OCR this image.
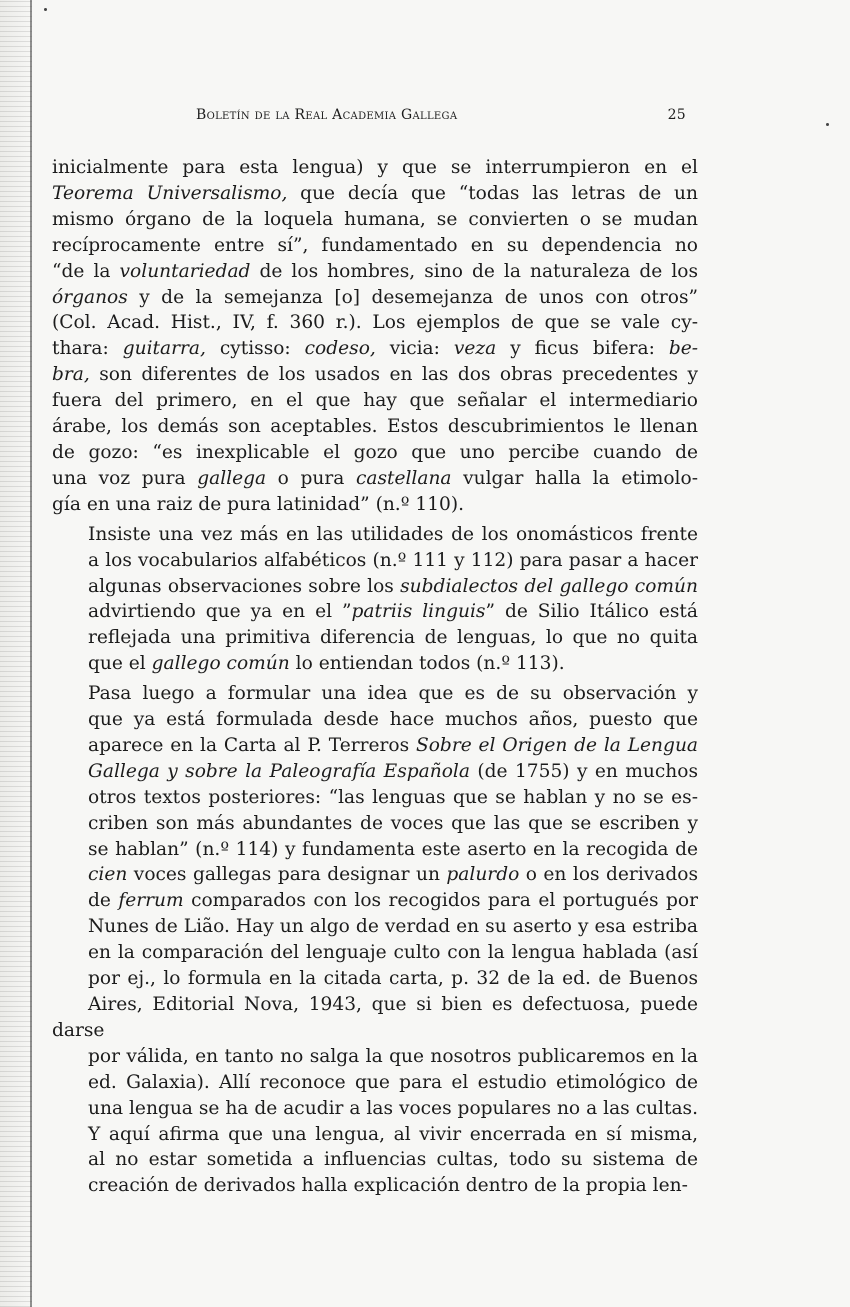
Boletín de la Real Academia Gallega	25

inicialmente para esta lengua) y que se interrumpieron en el
Teorema Universalismo, que decía que “todas las letras de un
mismo órgano de la loquela humana, se convierten o se mudan
recíprocamente entre sí”, fundamentado en su dependencia no
“de la voluntariedad de los hombres, sino de la naturaleza de los
órganos y de la semejanza [o] desemejanza de unos con otros”
(Col. Acad. Hist., IV, f. 360 r.). Los ejemplos de que se vale cy-
thara: guitarra, cytisso: codeso, vicia: veza y ficus bifera: be-
bra, son diferentes de los usados en las dos obras precedentes y
fuera del primero, en el que hay que señalar el intermediario
árabe, los demás son aceptables. Estos descubrimientos le llenan
de gozo: “es inexplicable el gozo que uno percibe cuando de
una voz pura gallega o pura castellana vulgar halla la etimolo-
gía en una raiz de pura latinidad” (n.º 110).

Insiste una vez más en las utilidades de los onomásticos frente
a los vocabularios alfabéticos (n.º 111 y 112) para pasar a hacer
algunas observaciones sobre los subdialectos del gallego común
advirtiendo que ya en el ”patriis linguis” de Silio Itálico está
reflejada una primitiva diferencia de lenguas, lo que no quita
que el gallego común lo entiendan todos (n.º 113).

Pasa luego a formular una idea que es de su observación y
que ya está formulada desde hace muchos años, puesto que
aparece en la Carta al P. Terreros Sobre el Origen de la Lengua
Gallega y sobre la Paleografía Española (de 1755) y en muchos
otros textos posteriores: “las lenguas que se hablan y no se es-
criben son más abundantes de voces que las que se escriben y
se hablan” (n.º 114) y fundamenta este aserto en la recogida de
cien voces gallegas para designar un palurdo o en los derivados
de ferrum comparados con los recogidos para el portugués por
Nunes de Lião. Hay un algo de verdad en su aserto y esa estriba
en la comparación del lenguaje culto con la lengua hablada (así
por ej., lo formula en la citada carta, p. 32 de la ed. de Buenos
Aires, Editorial Nova, 1943, que si bien es defectuosa, puede darse
por válida, en tanto no salga la que nosotros publicaremos en la
ed. Galaxia). Allí reconoce que para el estudio etimológico de
una lengua se ha de acudir a las voces populares no a las cultas.
Y aquí afirma que una lengua, al vivir encerrada en sí misma,
al no estar sometida a influencias cultas, todo su sistema de
creación de derivados halla explicación dentro de la propia len-
